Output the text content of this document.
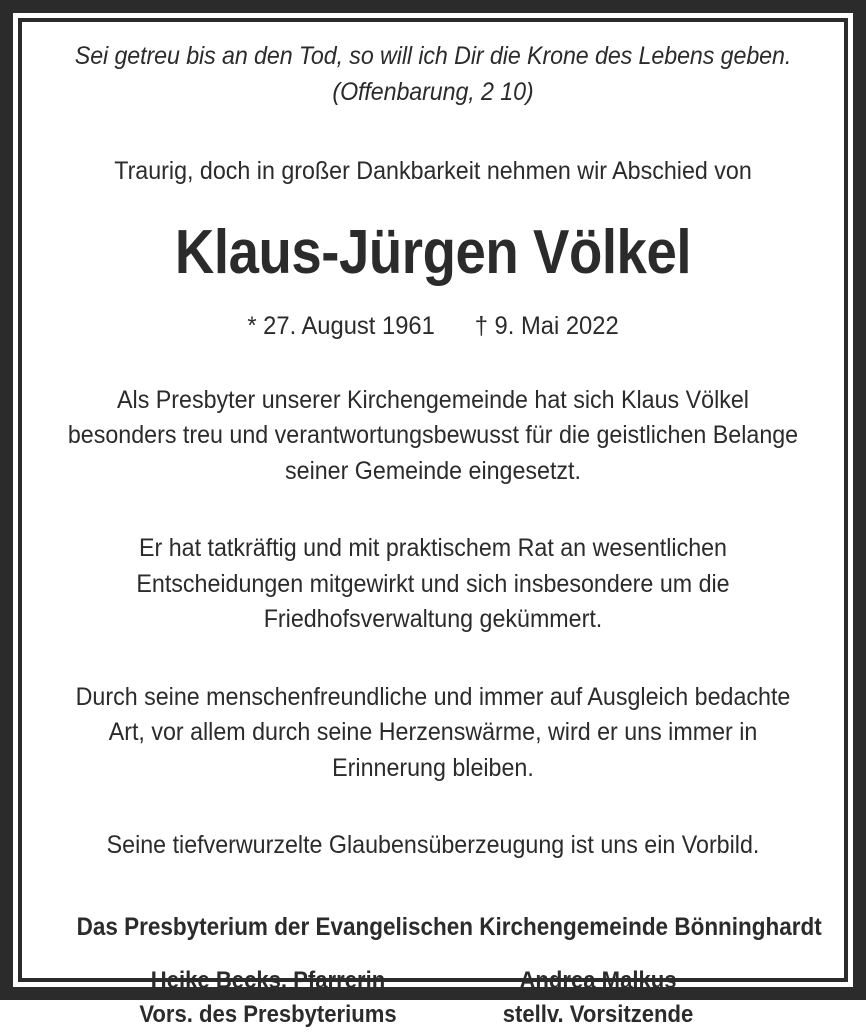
Sei getreu bis an den Tod, so will ich Dir die Krone des Lebens geben.
(Offenbarung, 2 10)
Traurig, doch in großer Dankbarkeit nehmen wir Abschied von
Klaus-Jürgen Völkel
* 27. August 1961 † 9. Mai 2022

Als Presbyter unserer Kirchengemeinde hat sich Klaus Völkel besonders treu und verantwortungsbewusst für die geistlichen Belange seiner Gemeinde eingesetzt.

Er hat tatkräftig und mit praktischem Rat an wesentlichen Entscheidungen mitgewirkt und sich insbesondere um die Friedhofsverwaltung gekümmert.

Durch seine menschenfreundliche und immer auf Ausgleich bedachte Art, vor allem durch seine Herzenswärme, wird er uns immer in Erinnerung bleiben.

Seine tiefverwurzelte Glaubensüberzeugung ist uns ein Vorbild.

Das Presbyterium der Evangelischen Kirchengemeinde Bönninghardt
Heike Becks, Pfarrerin
Vors. des Presbyteriums
Andrea Malkus
stellv. Vorsitzende
